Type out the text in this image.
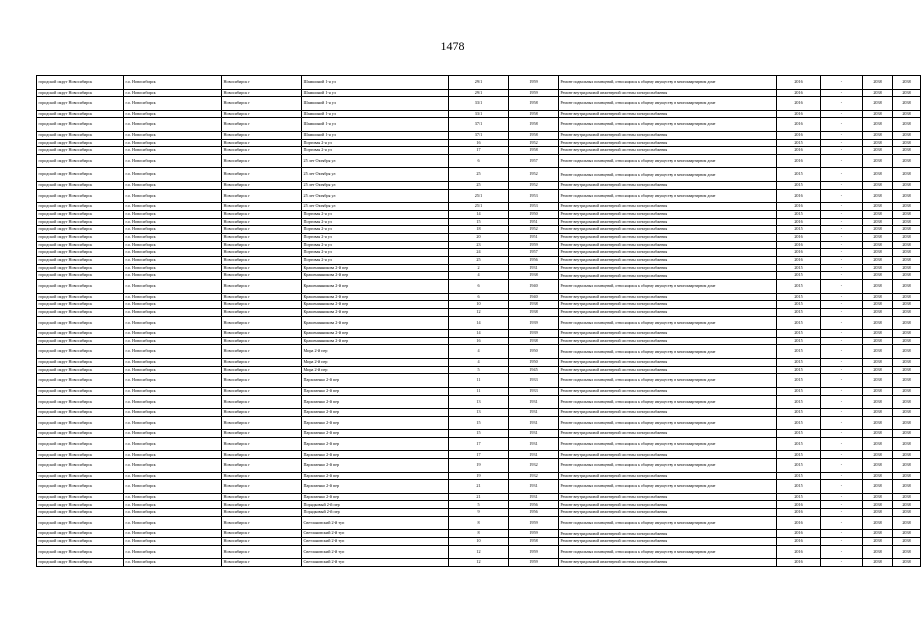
1478
городской округ Новосибирск	г.о. Новосибирск	Новосибирск г	Шамшиной 1-я ул	29/1	1959	Ремонт подвальных помещений, относящихся к общему имуществу в многоквартирном доме	2016	-	2038	2038
городской округ Новосибирск	г.о. Новосибирск	Новосибирск г	Шамшиной 1-я ул	29/1	1959	Ремонт внутридомовой инженерной системы электроснабжения	2016	-	2038	2038
городской округ Новосибирск	г.о. Новосибирск	Новосибирск г	Шамшиной 1-я ул	33/1	1958	Ремонт подвальных помещений, относящихся к общему имуществу в многоквартирном доме	2016	-	2038	2038
городской округ Новосибирск	г.о. Новосибирск	Новосибирск г	Шамшиной 1-я ул	33/1	1958	Ремонт внутридомовой инженерной системы электроснабжения	2016	-	2038	2038
городской округ Новосибирск	г.о. Новосибирск	Новосибирск г	Шамшиной 1-я ул	37/1	1958	Ремонт подвальных помещений, относящихся к общему имуществу в многоквартирном доме	2016	-	2038	2038
городской округ Новосибирск	г.о. Новосибирск	Новосибирск г	Шамшиной 1-я ул	37/1	1958	Ремонт внутридомовой инженерной системы электроснабжения	2016	-	2038	2038
городской округ Новосибирск	г.о. Новосибирск	Новосибирск г	Портовая 2-я ул	16	1952	Ремонт внутридомовой инженерной системы электроснабжения	2015	-	2038	2038
городской округ Новосибирск	г.о. Новосибирск	Новосибирск г	Портовая 2-я ул	17	1958	Ремонт внутридомовой инженерной системы электроснабжения	2016	-	2038	2038
городской округ Новосибирск	г.о. Новосибирск	Новосибирск г	25 лет Октября ул	6	1957	Ремонт подвальных помещений, относящихся к общему имуществу в многоквартирном доме	2016	-	2038	2038
городской округ Новосибирск	г.о. Новосибирск	Новосибирск г	25 лет Октября ул	25	1952	Ремонт подвальных помещений, относящихся к общему имуществу в многоквартирном доме	2015	-	2038	2038
городской округ Новосибирск	г.о. Новосибирск	Новосибирск г	25 лет Октября ул	25	1952	Ремонт внутридомовой инженерной системы электроснабжения	2015	-	2038	2038
городской округ Новосибирск	г.о. Новосибирск	Новосибирск г	25 лет Октября ул	25/1	1953	Ремонт подвальных помещений, относящихся к общему имуществу в многоквартирном доме	2016	-	2038	2038
городской округ Новосибирск	г.о. Новосибирск	Новосибирск г	25 лет Октября ул	25/1	1953	Ремонт внутридомовой инженерной системы электроснабжения	2016	-	2038	2038
городской округ Новосибирск	г.о. Новосибирск	Новосибирск г	Портовая 2-я ул	14	1950	Ремонт внутридомовой инженерной системы электроснабжения	2015	-	2038	2038
городской округ Новосибирск	г.о. Новосибирск	Новосибирск г	Портовая 2-я ул	15	1951	Ремонт внутридомовой инженерной системы электроснабжения	2016	-	2038	2038
городской округ Новосибирск	г.о. Новосибирск	Новосибирск г	Портовая 2-я ул	18	1952	Ремонт внутридомовой инженерной системы электроснабжения	2015	-	2038	2038
городской округ Новосибирск	г.о. Новосибирск	Новосибирск г	Портовая 2-я ул	20	1951	Ремонт внутридомовой инженерной системы электроснабжения	2016	-	2038	2038
городской округ Новосибирск	г.о. Новосибирск	Новосибирск г	Портовая 2-я ул	23	1959	Ремонт внутридомовой инженерной системы электроснабжения	2016	-	2038	2038
городской округ Новосибирск	г.о. Новосибирск	Новосибирск г	Портовая 2-я ул	24	1957	Ремонт внутридомовой инженерной системы электроснабжения	2016	-	2038	2038
городской округ Новосибирск	г.о. Новосибирск	Новосибирск г	Портовая 2-я ул	25	1956	Ремонт внутридомовой инженерной системы электроснабжения	2016	-	2038	2038
городской округ Новосибирск	г.о. Новосибирск	Новосибирск г	Крашенинникова 2-й пер	2	1931	Ремонт внутридомовой инженерной системы электроснабжения	2015	-	2038	2038
городской округ Новосибирск	г.о. Новосибирск	Новосибирск г	Крашенинникова 2-й пер	4	1938	Ремонт внутридомовой инженерной системы электроснабжения	2015	-	2038	2038
городской округ Новосибирск	г.о. Новосибирск	Новосибирск г	Крашенинникова 2-й пер	6	1940	Ремонт подвальных помещений, относящихся к общему имуществу в многоквартирном доме	2015	-	2038	2038
городской округ Новосибирск	г.о. Новосибирск	Новосибирск г	Крашенинникова 2-й пер	6	1940	Ремонт внутридомовой инженерной системы электроснабжения	2015	-	2038	2038
городской округ Новосибирск	г.о. Новосибирск	Новосибирск г	Крашенинникова 2-й пер	10	1938	Ремонт внутридомовой инженерной системы электроснабжения	2015	-	2038	2038
городской округ Новосибирск	г.о. Новосибирск	Новосибирск г	Крашенинникова 2-й пер	12	1938	Ремонт внутридомовой инженерной системы электроснабжения	2015	-	2038	2038
городской округ Новосибирск	г.о. Новосибирск	Новосибирск г	Крашенинникова 2-й пер	14	1939	Ремонт подвальных помещений, относящихся к общему имуществу в многоквартирном доме	2015	-	2038	2038
городской округ Новосибирск	г.о. Новосибирск	Новосибирск г	Крашенинникова 2-й пер	14	1939	Ремонт внутридомовой инженерной системы электроснабжения	2015	-	2038	2038
городской округ Новосибирск	г.о. Новосибирск	Новосибирск г	Крашенинникова 2-й пер	16	1938	Ремонт внутридомовой инженерной системы электроснабжения	2015	-	2038	2038
городской округ Новосибирск	г.о. Новосибирск	Новосибирск г	Мира 2-й пер	4	1950	Ремонт подвальных помещений, относящихся к общему имуществу в многоквартирном доме	2015	-	2038	2038
городской округ Новосибирск	г.о. Новосибирск	Новосибирск г	Мира 2-й пер	4	1950	Ремонт внутридомовой инженерной системы электроснабжения	2015	-	2038	2038
городской округ Новосибирск	г.о. Новосибирск	Новосибирск г	Мира 2-й пер	5	1945	Ремонт внутридомовой инженерной системы электроснабжения	2015	-	2038	2038
городской округ Новосибирск	г.о. Новосибирск	Новосибирск г	Пархоменко 2-й пер	11	1933	Ремонт подвальных помещений, относящихся к общему имуществу в многоквартирном доме	2015	-	2038	2038
городской округ Новосибирск	г.о. Новосибирск	Новосибирск г	Пархоменко 2-й пер	11	1933	Ремонт внутридомовой инженерной системы электроснабжения	2015	-	2038	2038
городской округ Новосибирск	г.о. Новосибирск	Новосибирск г	Пархоменко 2-й пер	13	1931	Ремонт подвальных помещений, относящихся к общему имуществу в многоквартирном доме	2015	-	2038	2038
городской округ Новосибирск	г.о. Новосибирск	Новосибирск г	Пархоменко 2-й пер	13	1931	Ремонт внутридомовой инженерной системы электроснабжения	2015	-	2038	2038
городской округ Новосибирск	г.о. Новосибирск	Новосибирск г	Пархоменко 2-й пер	15	1931	Ремонт подвальных помещений, относящихся к общему имуществу в многоквартирном доме	2015	-	2038	2038
городской округ Новосибирск	г.о. Новосибирск	Новосибирск г	Пархоменко 2-й пер	15	1931	Ремонт внутридомовой инженерной системы электроснабжения	2015	-	2038	2038
городской округ Новосибирск	г.о. Новосибирск	Новосибирск г	Пархоменко 2-й пер	17	1931	Ремонт подвальных помещений, относящихся к общему имуществу в многоквартирном доме	2015	-	2038	2038
городской округ Новосибирск	г.о. Новосибирск	Новосибирск г	Пархоменко 2-й пер	17	1931	Ремонт внутридомовой инженерной системы электроснабжения	2015	-	2038	2038
городской округ Новосибирск	г.о. Новосибирск	Новосибирск г	Пархоменко 2-й пер	19	1932	Ремонт подвальных помещений, относящихся к общему имуществу в многоквартирном доме	2015	-	2038	2038
городской округ Новосибирск	г.о. Новосибирск	Новосибирск г	Пархоменко 2-й пер	19	1932	Ремонт внутридомовой инженерной системы электроснабжения	2015	-	2038	2038
городской округ Новосибирск	г.о. Новосибирск	Новосибирск г	Пархоменко 2-й пер	21	1931	Ремонт подвальных помещений, относящихся к общему имуществу в многоквартирном доме	2015	-	2038	2038
городской округ Новосибирск	г.о. Новосибирск	Новосибирск г	Пархоменко 2-й пер	21	1931	Ремонт внутридомовой инженерной системы электроснабжения	2015	-	2038	2038
городской округ Новосибирск	г.о. Новосибирск	Новосибирск г	Порядковый 2-й пер	5	1956	Ремонт внутридомовой инженерной системы электроснабжения	2016	-	2038	2038
городской округ Новосибирск	г.о. Новосибирск	Новосибирск г	Порядковый 2-й пер	9	1956	Ремонт внутридомовой инженерной системы электроснабжения	2016	-	2038	2038
городской округ Новосибирск	г.о. Новосибирск	Новосибирск г	Светлановский 2-й туп	8	1959	Ремонт подвальных помещений, относящихся к общему имуществу в многоквартирном доме	2016	-	2038	2038
городской округ Новосибирск	г.о. Новосибирск	Новосибирск г	Светлановский 2-й туп	8	1959	Ремонт внутридомовой инженерной системы электроснабжения	2016	-	2038	2038
городской округ Новосибирск	г.о. Новосибирск	Новосибирск г	Светлановский 2-й туп	10	1958	Ремонт внутридомовой инженерной системы электроснабжения	2016	-	2038	2038
городской округ Новосибирск	г.о. Новосибирск	Новосибирск г	Светлановский 2-й туп	12	1959	Ремонт подвальных помещений, относящихся к общему имуществу в многоквартирном доме	2016	-	2038	2038
городской округ Новосибирск	г.о. Новосибирск	Новосибирск г	Светлановский 2-й туп	12	1959	Ремонт внутридомовой инженерной системы электроснабжения	2016	-	2038	2038
